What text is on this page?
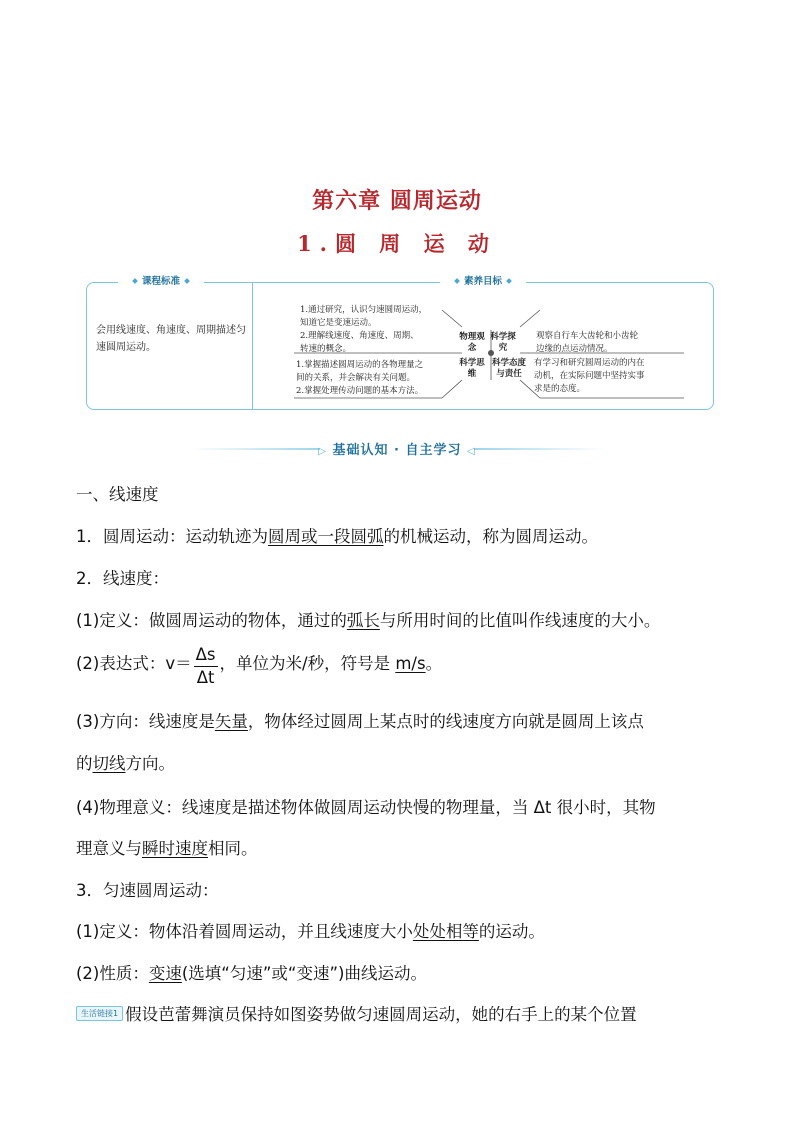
第六章 圆周运动
1.圆 周 运 动
课程标准	素养目标
会用线速度、角速度、周期描述匀速圆周运动。
1.通过研究，认识匀速圆周运动，
知道它是变速运动。
2.理解线速度、角速度、周期、
转速的概念。
1.掌握描述圆周运动的各物理量之
间的关系，并会解决有关问题。
2.掌握处理传动问题的基本方法。
观察自行车大齿轮和小齿轮
边缘的点运动情况。
有学习和研究圆周运动的内在
动机，在实际问题中坚持实事
求是的态度。
物理观念
科学探究
科学思维
科学态度与责任
▷ 基础认知 · 自主学习 ◁
一、线速度
1．圆周运动：运动轨迹为圆周或一段圆弧的机械运动，称为圆周运动。
2．线速度：
(1)定义：做圆周运动的物体，通过的弧长与所用时间的比值叫作线速度的大小。
(2)表达式：$v= \frac{\Delta s}{\Delta t}$ ，单位为米/秒，符号是 m/s。
(3)方向：线速度是矢量，物体经过圆周上某点时的线速度方向就是圆周上该点
的切线方向。
(4)物理意义：线速度是描述物体做圆周运动快慢的物理量，当 Δt 很小时，其物
理意义与瞬时速度相同。
3．匀速圆周运动：
(1)定义：物体沿着圆周运动，并且线速度大小处处相等的运动。
(2)性质：变速(选填“匀速”或“变速”)曲线运动。
生活链接1 假设芭蕾舞演员保持如图姿势做匀速圆周运动，她的右手上的某个位置
